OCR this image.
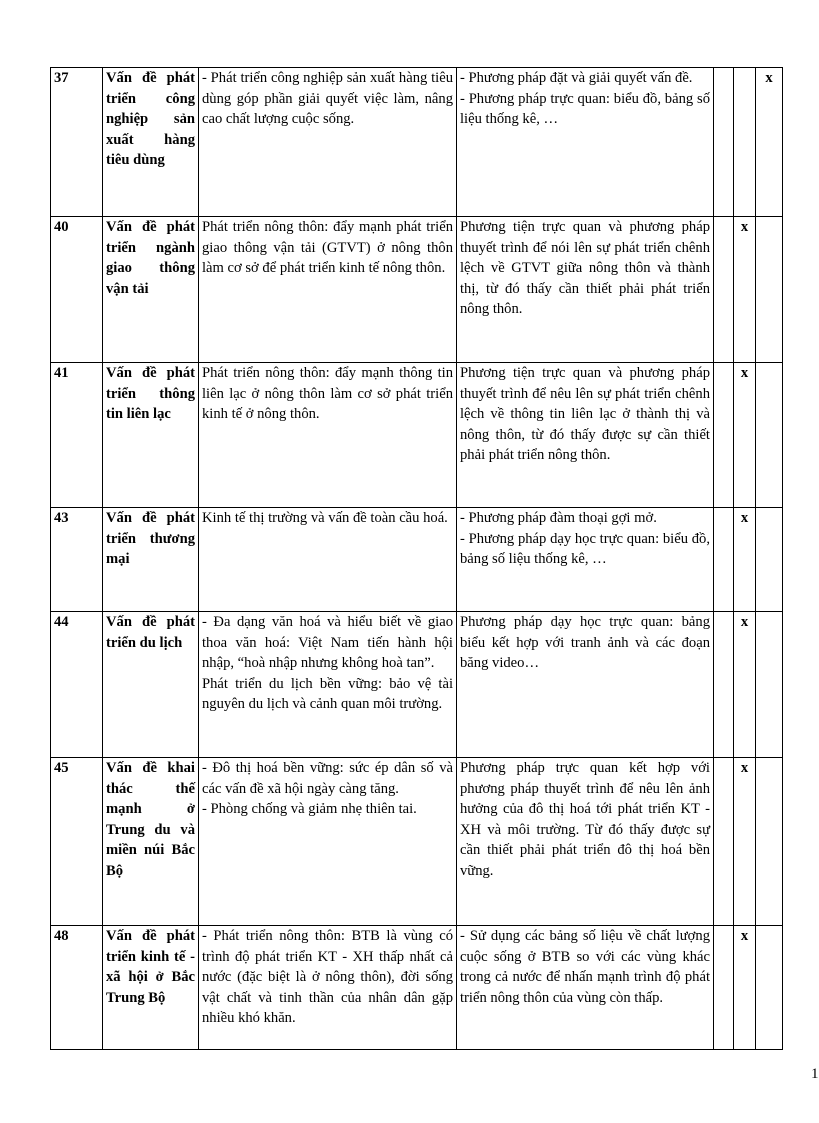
37	Vấn đề phát triển công nghiệp sản xuất hàng tiêu dùng	- Phát triển công nghiệp sản xuất hàng tiêu dùng góp phần giải quyết việc làm, nâng cao chất lượng cuộc sống.	- Phương pháp đặt và giải quyết vấn đề.
- Phương pháp trực quan: biểu đồ, bảng số liệu thống kê, …			x
40	Vấn đề phát triển ngành giao thông vận tải	Phát triển nông thôn: đẩy mạnh phát triển giao thông vận tải (GTVT) ở nông thôn làm cơ sở để phát triển kinh tế nông thôn.	Phương tiện trực quan và phương pháp thuyết trình để nói lên sự phát triển chênh lệch về GTVT giữa nông thôn và thành thị, từ đó thấy cần thiết phải phát triển nông thôn.		x	
41	Vấn đề phát triển thông tin liên lạc	Phát triển nông thôn: đẩy mạnh thông tin liên lạc ở nông thôn làm cơ sở phát triển kinh tế ở nông thôn.	Phương tiện trực quan và phương pháp thuyết trình để nêu lên sự phát triển chênh lệch về thông tin liên lạc ở thành thị và nông thôn, từ đó thấy được sự cần thiết phải phát triển nông thôn.		x	
43	Vấn đề phát triển thương mại	Kinh tế thị trường và vấn đề toàn cầu hoá.	- Phương pháp đàm thoại gợi mở.
- Phương pháp dạy học trực quan: biểu đồ, bảng số liệu thống kê, …		x	
44	Vấn đề phát triển du lịch	- Đa dạng văn hoá và hiểu biết về giao thoa văn hoá: Việt Nam tiến hành hội nhập, “hoà nhập nhưng không hoà tan”.
Phát triển du lịch bền vững: bảo vệ tài nguyên du lịch và cảnh quan môi trường.	Phương pháp dạy học trực quan: bảng biểu kết hợp với tranh ảnh và các đoạn băng video…		x	
45	Vấn đề khai thác thế mạnh ở Trung du và miền núi Bắc Bộ	- Đô thị hoá bền vững: sức ép dân số và các vấn đề xã hội ngày càng tăng.
- Phòng chống và giảm nhẹ thiên tai.	Phương pháp trực quan kết hợp với phương pháp thuyết trình để nêu lên ảnh hưởng của đô thị hoá tới phát triển KT - XH và môi trường. Từ đó thấy được sự cần thiết phải phát triển đô thị hoá bền vững.		x	
48	Vấn đề phát triển kinh tế - xã hội ở Bắc Trung Bộ	- Phát triển nông thôn: BTB là vùng có trình độ phát triển KT - XH thấp nhất cả nước (đặc biệt là ở nông thôn), đời sống vật chất và tinh thần của nhân dân gặp nhiều khó khăn.	- Sử dụng các bảng số liệu về chất lượng cuộc sống ở BTB so với các vùng khác trong cả nước để nhấn mạnh trình độ phát triển nông thôn của vùng còn thấp.		x	
1
